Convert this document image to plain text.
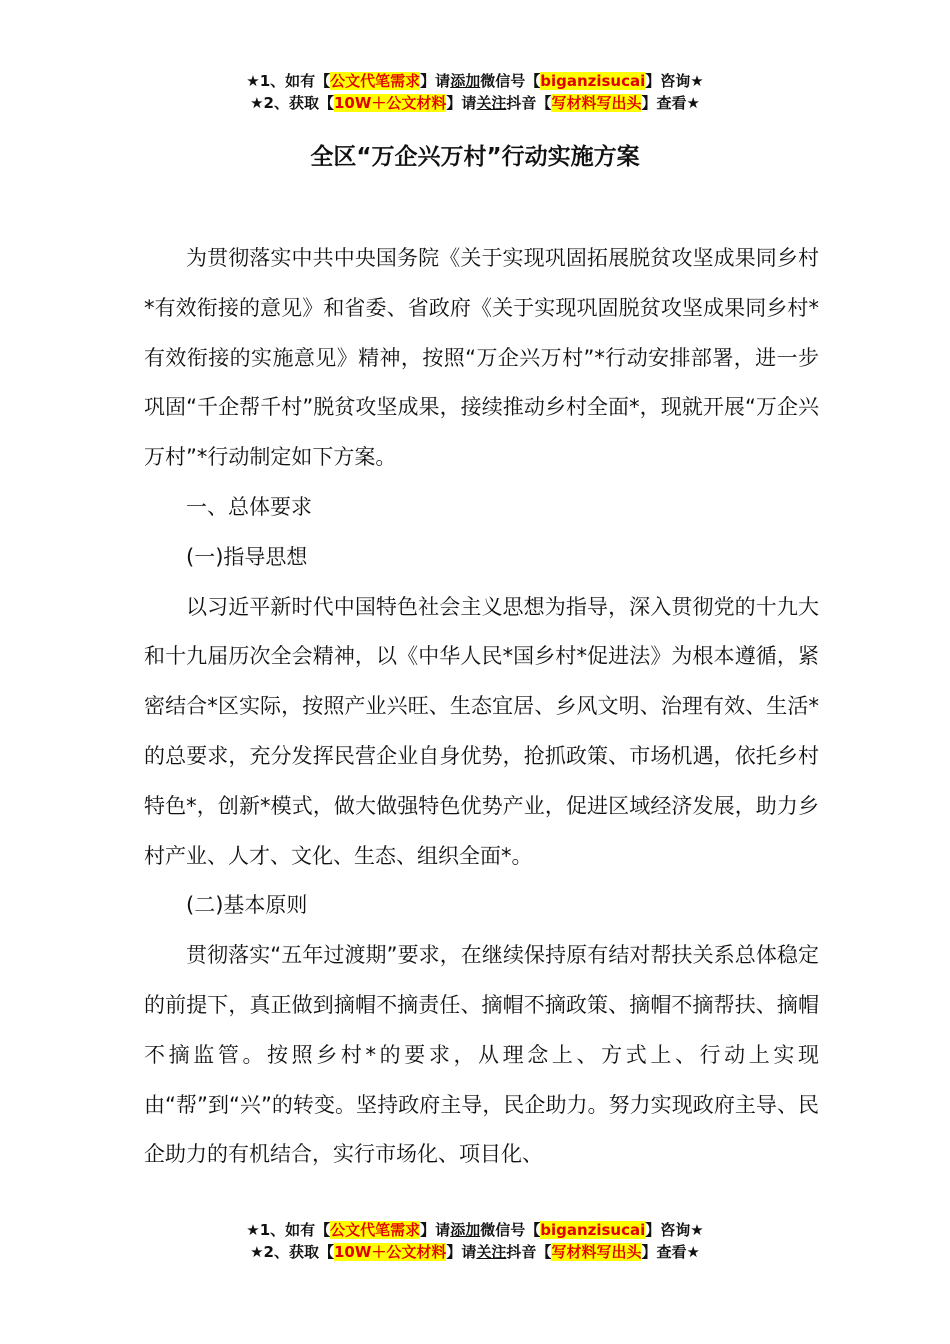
★1、如有【公文代笔需求】请添加微信号【biganzisucai】咨询★
★2、获取【10W＋公文材料】请关注抖音【写材料写出头】查看★
全区“万企兴万村”行动实施方案

为贯彻落实中共中央国务院《关于实现巩固拓展脱贫攻坚成果同乡村*有效衔接的意见》和省委、省政府《关于实现巩固脱贫攻坚成果同乡村*有效衔接的实施意见》精神，按照“万企兴万村”*行动安排部署，进一步巩固“千企帮千村”脱贫攻坚成果，接续推动乡村全面*，现就开展“万企兴万村”*行动制定如下方案。

一、总体要求

(一)指导思想

以习近平新时代中国特色社会主义思想为指导，深入贯彻党的十九大和十九届历次全会精神，以《中华人民*国乡村*促进法》为根本遵循，紧密结合*区实际，按照产业兴旺、生态宜居、乡风文明、治理有效、生活*的总要求，充分发挥民营企业自身优势，抢抓政策、市场机遇，依托乡村特色*，创新*模式，做大做强特色优势产业，促进区域经济发展，助力乡村产业、人才、文化、生态、组织全面*。

(二)基本原则

贯彻落实“五年过渡期”要求，在继续保持原有结对帮扶关系总体稳定的前提下，真正做到摘帽不摘责任、摘帽不摘政策、摘帽不摘帮扶、摘帽不摘监管。按照乡村*的要求，从理念上、方式上、行动上实现由“帮”到“兴”的转变。坚持政府主导，民企助力。努力实现政府主导、民企助力的有机结合，实行市场化、项目化、

★1、如有【公文代笔需求】请添加微信号【biganzisucai】咨询★
★2、获取【10W＋公文材料】请关注抖音【写材料写出头】查看★
